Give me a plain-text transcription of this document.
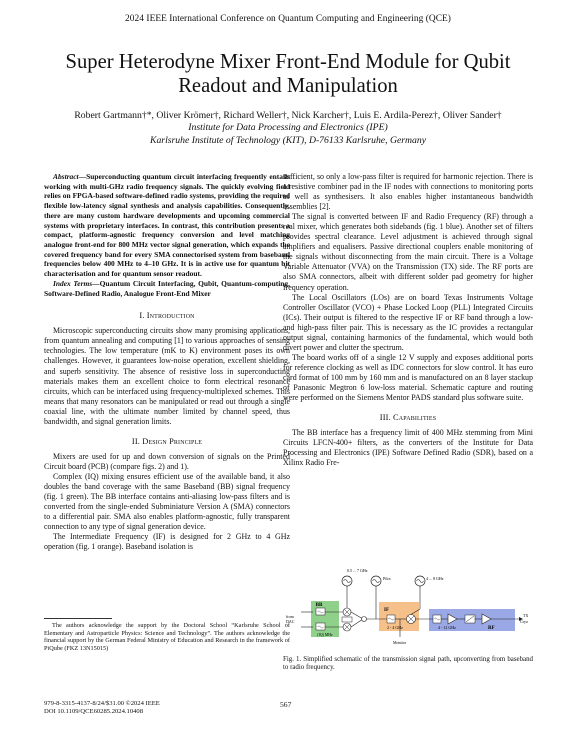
2024 IEEE International Conference on Quantum Computing and Engineering (QCE)
Super Heterodyne Mixer Front-End Module for Qubit Readout and Manipulation
Robert Gartmann†*, Oliver Krömer†, Richard Weller†, Nick Karcher†, Luis E. Ardila-Perez†, Oliver Sander†
Institute for Data Processing and Electronics (IPE)
Karlsruhe Institute of Technology (KIT), D-76133 Karlsruhe, Germany

Abstract—Superconducting quantum circuit interfacing frequently entails working with multi-GHz radio frequency signals. The quickly evolving field relies on FPGA-based software-defined radio systems, providing the required flexible low-latency signal synthesis and analysis capabilities. Consequently, there are many custom hardware developments and upcoming commercial systems with proprietary interfaces. In contrast, this contribution presents a compact, platform-agnostic frequency conversion and level matching analogue front-end for 800 MHz vector signal generation, which expands the covered frequency band for every SMA connectorised system from baseband frequencies below 400 MHz to 4–10 GHz. It is in active use for quantum bit characterisation and for quantum sensor readout.

Index Terms—Quantum Circuit Interfacing, Qubit, Quantum-computing, Software-Defined Radio, Analogue Front-End Mixer

I. Introduction

Microscopic superconducting circuits show many promising applications, from quantum annealing and computing [1] to various approaches of sensing technologies. The low temperature (mK to K) environment poses its own challenges. However, it guarantees low-noise operation, excellent shielding, and superb sensitivity. The absence of resistive loss in superconducting materials makes them an excellent choice to form electrical resonance circuits, which can be interfaced using frequency-multiplexed schemes. This means that many resonators can be manipulated or read out through a single coaxial line, with the ultimate number limited by channel speed, thus bandwidth, and signal generation limits.

II. Design Principle

Mixers are used for up and down conversion of signals on the Printed Circuit board (PCB) (compare figs. 2) and 1).

Complex (IQ) mixing ensures efficient use of the available band, it also doubles the band coverage with the same Baseband (BB) signal frequency (fig. 1 green). The BB interface contains anti-aliasing low-pass filters and is converted from the single-ended Subminiature Version A (SMA) connectors to a differential pair. SMA also enables platform-agnostic, fully transparent connection to any type of signal generation device.

The Intermediate Frequency (IF) is designed for 2 GHz to 4 GHz operation (fig. 1 orange). Baseband isolation is

The authors acknowledge the support by the Doctoral School “Karlsruhe School of Elementary and Astroparticle Physics: Science and Technology”. The authors acknowledge the financial support by the German Federal Ministry of Education and Research in the framework of PiQube (FKZ 13N15015)

sufficient, so only a low-pass filter is required for harmonic rejection. There is a resistive combiner pad in the IF nodes with connections to monitoring ports as well as synthesisers. It also enables higher instantaneous bandwidth assemblies [2].

The signal is converted between IF and Radio Frequency (RF) through a real mixer, which generates both sidebands (fig. 1 blue). Another set of filters provides spectral clearance. Level adjustment is achieved through signal amplifiers and equalisers. Passive directional couplers enable monitoring of the signals without disconnecting from the main circuit. There is a Voltage Variable Attenuator (VVA) on the Transmission (TX) side. The RF ports are also SMA connectors, albeit with different solder pad geometry for higher frequency operation.

The Local Oscillators (LOs) are on board Texas Instruments Voltage Controller Oscillator (VCO) + Phase Locked Loop (PLL) Integrated Circuits (ICs). Their output is filtered to the respective IF or RF band through a low- and high-pass filter pair. This is necessary as the IC provides a rectangular output signal, containing harmonics of the fundamental, which would both divert power and clutter the spectrum.

The board works off of a single 12 V supply and exposes additional ports for reference clocking as well as IDC connectors for slow control. It has euro card format of 100 mm by 160 mm and is manufactured on an 8 layer stackup of Panasonic Megtron 6 low-loss material. Schematic capture and routing were performed on the Siemens Mentor PADS standard plus software suite.

III. Capabilities

The BB interface has a frequency limit of 400 MHz stemming from Mini Circuits LFCN-400+ filters, as the converters of the Institute for Data Processing and Electronics (IPE) Software Defined Radio (SDR), based on a Xilinx Radio Fre-

BB
(IQ) MHz
from
DAC
0.5 ... 7 GHz
Pilot	4 ... 8 GHz
IF
2 - 4 GHz	4 - 12 GHz	RF
TX
Cryo
Monitor
Fig. 1. Simplified schematic of the transmission signal path, upconverting from baseband to radio frequency.
979-8-3315-4137-8/24/$31.00 ©2024 IEEE
DOI 10.1109/QCE60285.2024.10408
567
